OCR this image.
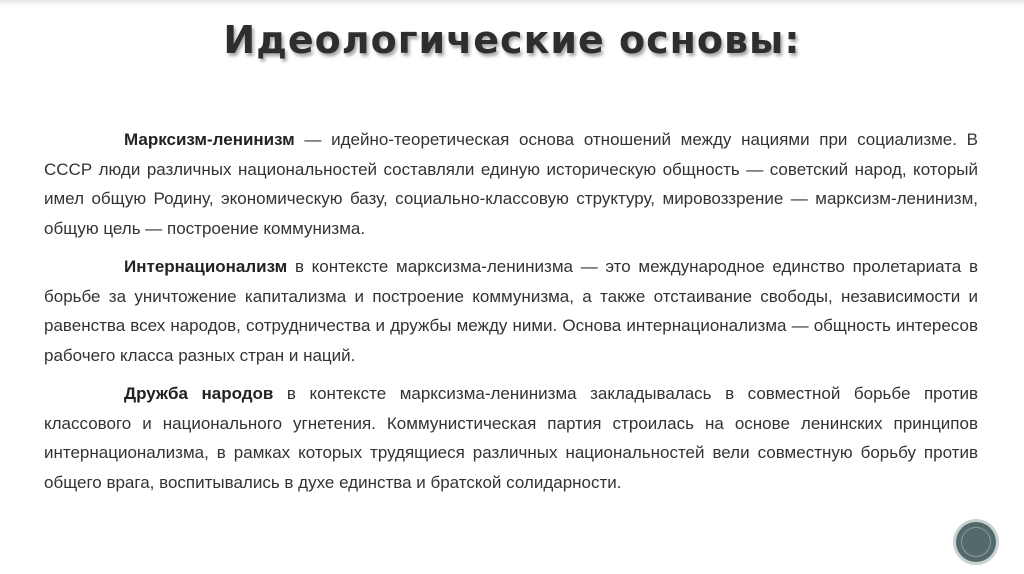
Идеологические основы:

Марксизм-ленинизм — идейно-теоретическая основа отношений между нациями при социализме. В СССР люди различных национальностей составляли единую историческую общность — советский народ, который имел общую Родину, экономическую базу, социально-классовую структуру, мировоззрение — марксизм-ленинизм, общую цель — построение коммунизма.

Интернационализм в контексте марксизма-ленинизма — это международное единство пролетариата в борьбе за уничтожение капитализма и построение коммунизма, а также отстаивание свободы, независимости и равенства всех народов, сотрудничества и дружбы между ними. Основа интернационализма — общность интересов рабочего класса разных стран и наций.

Дружба народов в контексте марксизма-ленинизма закладывалась в совместной борьбе против классового и национального угнетения. Коммунистическая партия строилась на основе ленинских принципов интернационализма, в рамках которых трудящиеся различных национальностей вели совместную борьбу против общего врага, воспитывались в духе единства и братской солидарности.
